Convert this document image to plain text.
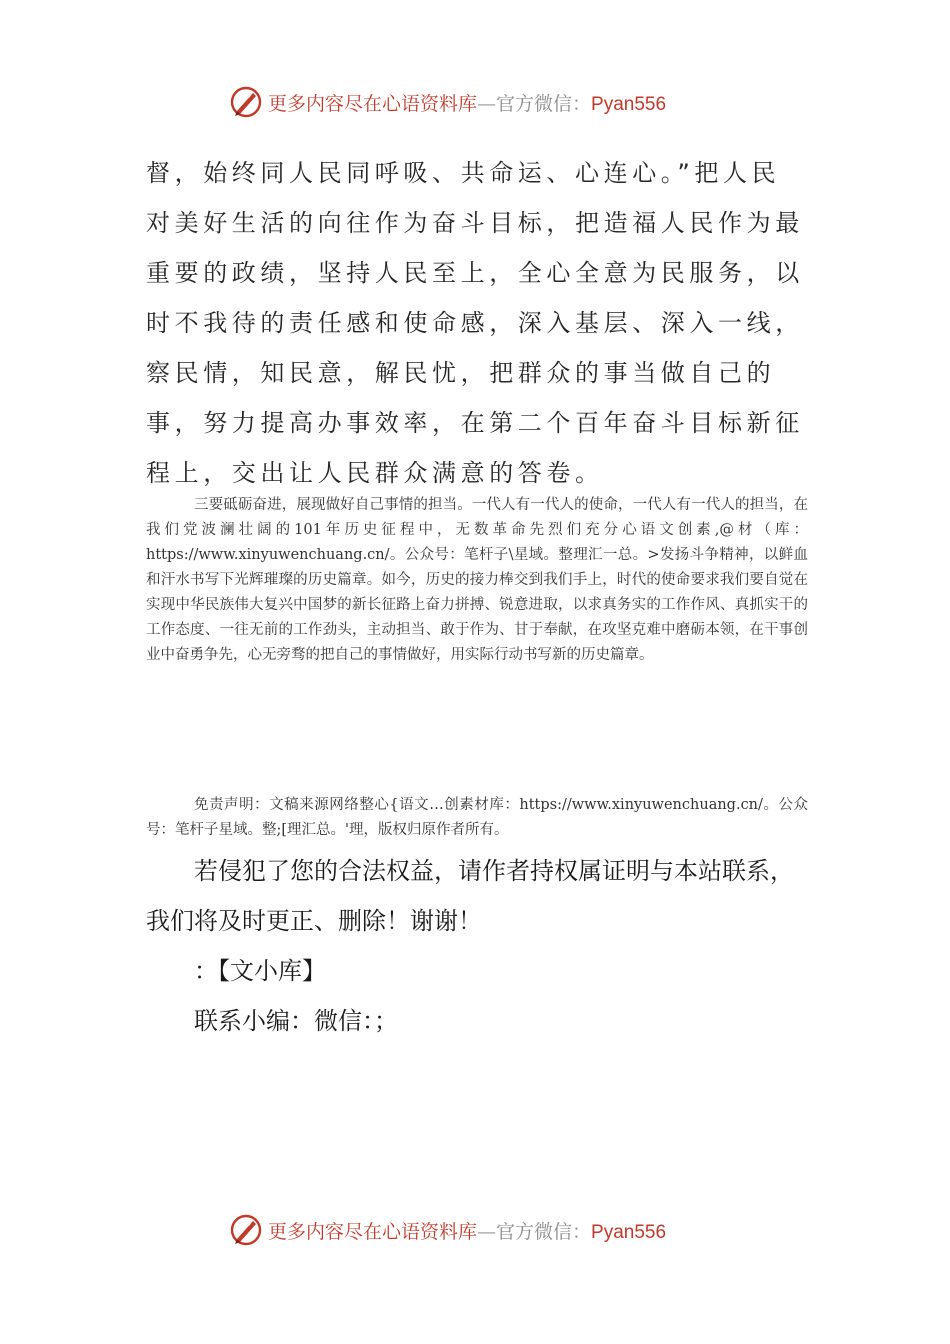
更多内容尽在心语资料库—官方微信：Pyan556
督，始终同人民同呼吸、共命运、心连心。”把人民对美好生活的向往作为奋斗目标，把造福人民作为最重要的政绩，坚持人民至上，全心全意为民服务，以时不我待的责任感和使命感，深入基层、深入一线，察民情，知民意，解民忧，把群众的事当做自己的事，努力提高办事效率，在第二个百年奋斗目标新征程上，交出让人民群众满意的答卷。
三要砥砺奋进，展现做好自己事情的担当。一代人有一代人的使命，一代人有一代人的担当，在我们党波澜壮阔的101年历史征程中，无数革命先烈们充分心语文创素,@材（库：https://www.xinyuwenchuang.cn/。公众号：笔杆子\星域。整理汇一总。>发扬斗争精神，以鲜血和汗水书写下光辉璀璨的历史篇章。如今，历史的接力棒交到我们手上，时代的使命要求我们要自觉在实现中华民族伟大复兴中国梦的新长征路上奋力拼搏、锐意进取，以求真务实的工作作风、真抓实干的工作态度、一往无前的工作劲头，主动担当、敢于作为、甘于奉献，在攻坚克难中磨砺本领，在干事创业中奋勇争先，心无旁骛的把自己的事情做好，用实际行动书写新的历史篇章。
免责声明：文稿来源网络整心{语文…创素材库：https://www.xinyuwenchuang.cn/。公众号：笔杆子星域。整;[理汇总。'理，版权归原作者所有。
若侵犯了您的合法权益，请作者持权属证明与本站联系，我们将及时更正、删除！谢谢！
：【文小库】
联系小编：微信：；
更多内容尽在心语资料库—官方微信：Pyan556
